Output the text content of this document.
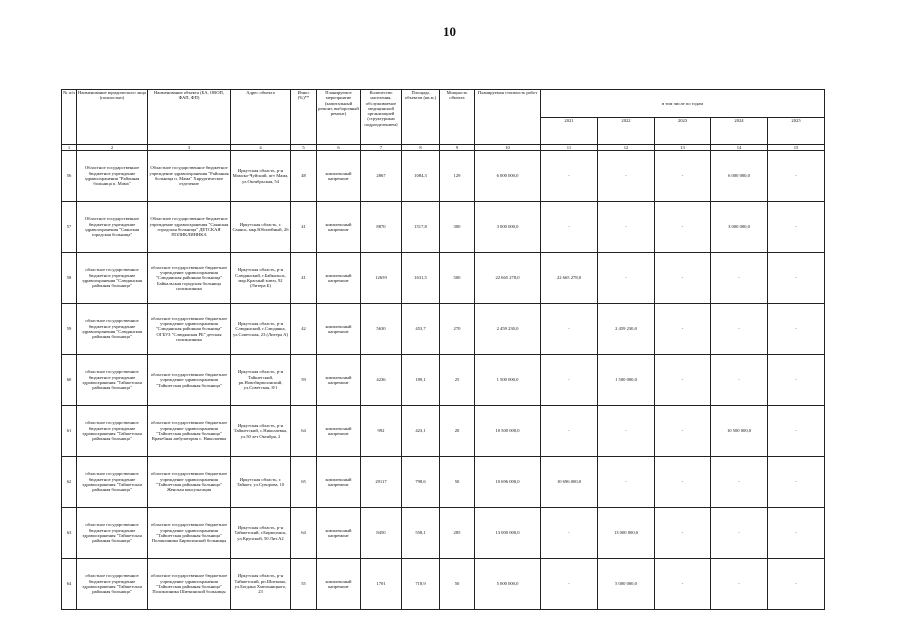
10
№ п/п	Наименование юридического лица (полностью)	Наименование объекта (БА, ОВОП, ФАП, ФП)	Адрес объекта	Износ (%)**	Планируемое мероприятие (капитальный ремонт, выборочный ремонт)	Количество населения, обслуживаемое медицинской организацией (структурным подразделением)	Площадь объектов (кв.м.)	Мощность объекта	Планируемая стоимость работ	в том числе по годам				
										2021	2022	2023	2024	2025
1	2	3	4	5	6	7	8	9	10	11	12	13	14	15
56	Областное государственное бюджетное учреждение здравоохранения "Районная больница п. Мама"	Областное государственное бюджетное учреждение здравоохранения "Районная больница п. Мама" Хирургическое отделение	Иркутская область, р-н Мамско-Чуйский, пгт Мама, ул.Октябрьская, 54	48	комплексный капремонт	2867	1084,3	129	6 000 000,0	-	-	-	6 000 000,0	-
57	Областное государственное бюджетное учреждение здравоохранения "Саянская городская больница"	Областное государственное бюджетное учреждение здравоохранения "Саянская городская больница" ДЕТСКАЯ ПОЛИКЛИНИКА	Иркутская область, г. Саянск, мкр.Юбилейный, 26	41	комплексный капремонт	8870	1517,8	300	3 000 000,0	-	-	-	3 000 000,0	-
58	областное государственное бюджетное учреждение здравоохранения "Слюдянская районная больница"	областное государственное бюджетное учреждение здравоохранения "Слюдянская районная больница" Байкальская городская больница поликлиника	Иркутская область, р-н Слюдянский, г.Байкальск, мкр.Красный ключ, 92 (Литера Б)	41	комплексный капремонт	12659	1631,5	500	22 665 278,0	22 665 278,0	-	-	-	-
59	областное государственное бюджетное учреждение здравоохранения "Слюдянская районная больница"	областное государственное бюджетное учреждение здравоохранения "Слюдянская районная больница" ОГБУЗ "Слюдянская РБ" детская поликлиника	Иркутская область, р-н Слюдянский, г.Слюдянка, ул.Советская, 23 (Литера А)	42	комплексный капремонт	5630	453,7	270	2 459 230,0	-	2 459 230,0	-	-	-
60	областное государственное бюджетное учреждение здравоохранения "Тайшетская районная больница"	областное государственное бюджетное учреждение здравоохранения "Тайшетская районная больница"	Иркутская область, р-н Тайшетский, рп.Новобирюсинский, ул.Советская, 8/1	59	комплексный капремонт	4236	189,1	25	1 500 000,0	-	1 500 000,0	-	-	-
61	областное государственное бюджетное учреждение здравоохранения "Тайшетская районная больница"	областное государственное бюджетное учреждение здравоохранения "Тайшетская районная больница" Врачебная амбулатория с. Николаевка	Иркутская область, р-н Тайшетский, с.Николаевка, ул.50 лет Октября, 2	64	комплексный капремонт	992	423,1	20	10 500 000,0	-	-	-	10 500 000,0	-
62	областное государственное бюджетное учреждение здравоохранения "Тайшетская районная больница"	областное государственное бюджетное учреждение здравоохранения "Тайшетская районная больница" Женская консультация	Иркутская область, г. Тайшет, ул.Суворова, 10	65	комплексный капремонт	29117	798,6	50	10 696 000,0	10 696 000,0	-	-	-	-
63	областное государственное бюджетное учреждение здравоохранения "Тайшетская районная больница"	областное государственное бюджетное учреждение здравоохранения "Тайшетская районная больница" Поликлиника Бирюсинской больницы	Иркутская область, р-н Тайшетский, г.Бирюсинск, ул.Крупской, 50 Лит.А2	64	комплексный капремонт	8450	558,1	285	13 000 000,0	-	13 000 000,0	-	-	-
64	областное государственное бюджетное учреждение здравоохранения "Тайшетская районная больница"	областное государственное бюджетное учреждение здравоохранения "Тайшетская районная больница" Поликлиника Шиткинской больницы	Иркутская область, р-н Тайшетский, рп.Шиткино, ул.Богдана Хмельницкого, 23	55	комплексный капремонт	1701	718,9	50	5 000 000,0	-	5 000 000,0	-	-	-
